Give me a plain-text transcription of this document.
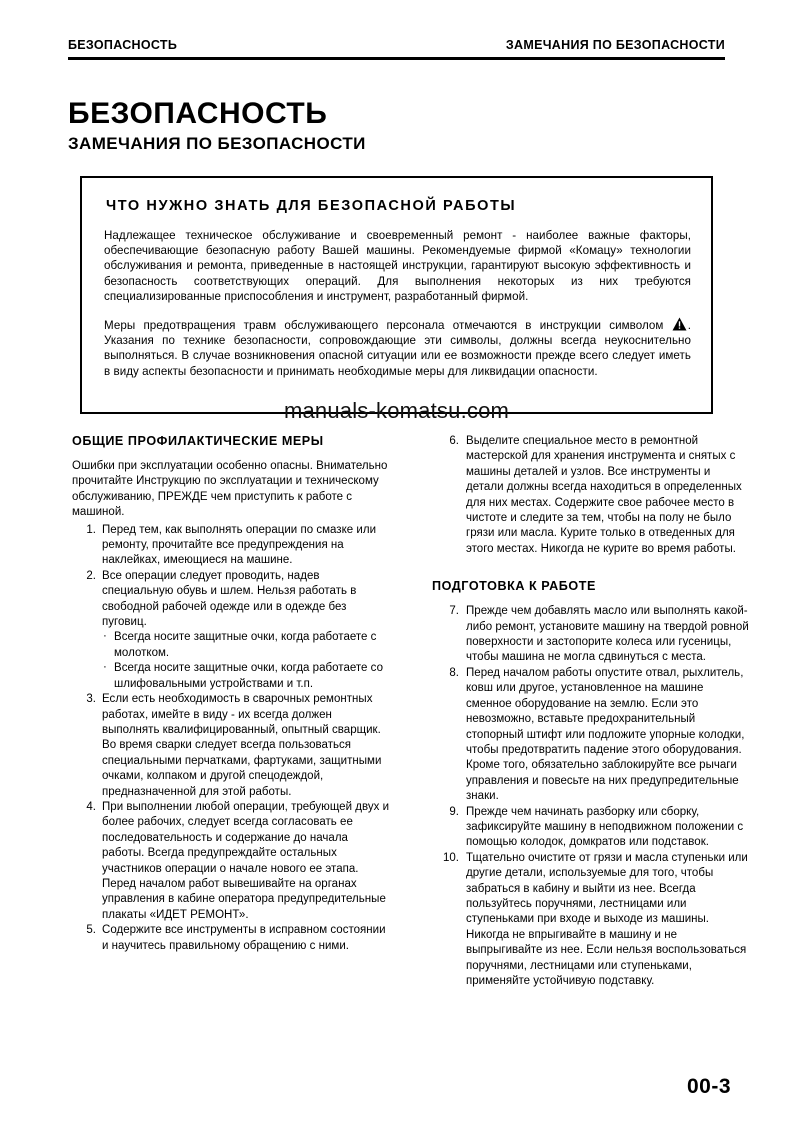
БЕЗОПАСНОСТЬ	ЗАМЕЧАНИЯ ПО БЕЗОПАСНОСТИ
БЕЗОПАСНОСТЬ
ЗАМЕЧАНИЯ ПО БЕЗОПАСНОСТИ
ЧТО НУЖНО ЗНАТЬ ДЛЯ БЕЗОПАСНОЙ РАБОТЫ

Надлежащее техническое обслуживание и своевременный ремонт - наиболее важные факторы, обеспечивающие безопасную работу Вашей машины. Рекомендуемые фирмой «Комацу» технологии обслуживания и ремонта, приведенные в настоящей инструкции, гарантируют высокую эффективность и безопасность соответствующих операций. Для выполнения некоторых из них требуются специализированные приспособления и инструмент, разработанный фирмой.

Меры предотвращения травм обслуживающего персонала отмечаются в инструкции символом . Указания по технике безопасности, сопровождающие эти символы, должны всегда неукоснительно выполняться. В случае возникновения опасной ситуации или ее возможности прежде всего следует иметь в виду аспекты безопасности и принимать необходимые меры для ликвидации опасности.

manuals-komatsu.com
ОБЩИЕ ПРОФИЛАКТИЧЕСКИЕ МЕРЫ

Ошибки при эксплуатации особенно опасны. Внимательно прочитайте Инструкцию по эксплуатации и техническому обслуживанию, ПРЕЖДЕ чем приступить к работе с машиной.

1. Перед тем, как выполнять операции по смазке или ремонту, прочитайте все предупреждения на наклейках, имеющиеся на машине.
2. Все операции следует проводить, надев специальную обувь и шлем. Нельзя работать в свободной рабочей одежде или в одежде без пуговиц.
· Всегда носите защитные очки, когда работаете с молотком.
· Всегда носите защитные очки, когда работаете со шлифовальными устройствами и т.п.
3. Если есть необходимость в сварочных ремонтных работах, имейте в виду - их всегда должен выполнять квалифицированный, опытный сварщик. Во время сварки следует всегда пользоваться специальными перчатками, фартуками, защитными очками, колпаком и другой спецодеждой, предназначенной для этой работы.
4. При выполнении любой операции, требующей двух и более рабочих, следует всегда согласовать ее последовательность и содержание до начала работы. Всегда предупреждайте остальных участников операции о начале нового ее этапа. Перед началом работ вывешивайте на органах управления в кабине оператора предупредительные плакаты «ИДЕТ РЕМОНТ».
5. Содержите все инструменты в исправном состоянии и научитесь правильному обращению с ними.
6. Выделите специальное место в ремонтной мастерской для хранения инструмента и снятых с машины деталей и узлов. Все инструменты и детали должны всегда находиться в определенных для них местах. Содержите свое рабочее место в чистоте и следите за тем, чтобы на полу не было грязи или масла. Курите только в отведенных для этого местах. Никогда не курите во время работы.
ПОДГОТОВКА К РАБОТЕ
7. Прежде чем добавлять масло или выполнять какой-либо ремонт, установите машину на твердой ровной поверхности и застопорите колеса или гусеницы, чтобы машина не могла сдвинуться с места.
8. Перед началом работы опустите отвал, рыхлитель, ковш или другое, установленное на машине сменное оборудование на землю. Если это невозможно, вставьте предохранительный стопорный штифт или подложите упорные колодки, чтобы предотвратить падение этого оборудования. Кроме того, обязательно заблокируйте все рычаги управления и повесьте на них предупредительные знаки.
9. Прежде чем начинать разборку или сборку, зафиксируйте машину в неподвижном положении с помощью колодок, домкратов или подставок.
10. Тщательно очистите от грязи и масла ступеньки или другие детали, используемые для того, чтобы забраться в кабину и выйти из нее. Всегда пользуйтесь поручнями, лестницами или ступеньками при входе и выходе из машины. Никогда не впрыгивайте в машину и не выпрыгивайте из нее. Если нельзя воспользоваться поручнями, лестницами или ступеньками, применяйте устойчивую подставку.
00-3
